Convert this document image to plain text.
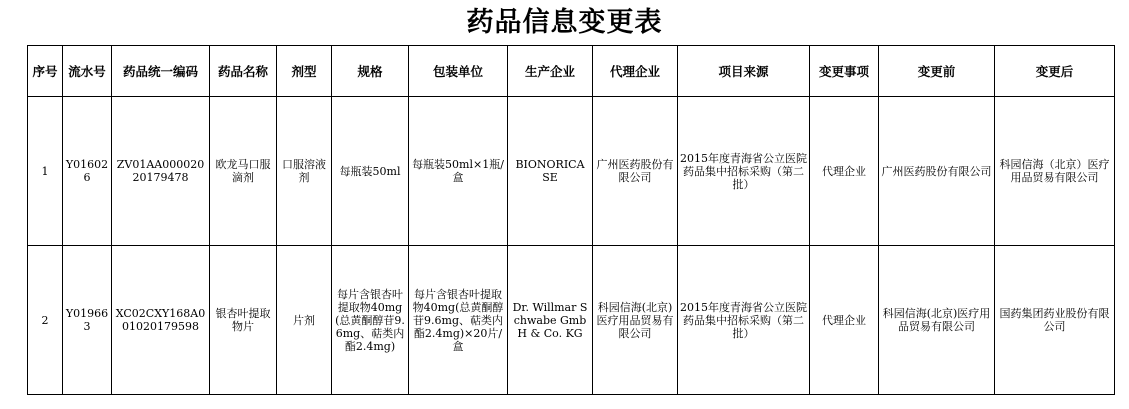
药品信息变更表
序号	流水号	药品统一编码	药品名称	剂型	规格	包装单位	生产企业	代理企业	项目来源	变更事项	变更前	变更后
1	Y016026	ZV01AA00002020179478	欧龙马口服滴剂	口服溶液剂	每瓶装50ml	每瓶装50ml×1瓶/盒	BIONORICA SE	广州医药股份有限公司	2015年度青海省公立医院药品集中招标采购（第二批）	代理企业	广州医药股份有限公司	科园信海（北京）医疗用品贸易有限公司
2	Y019663	XC02CXY168A001020179598	银杏叶提取物片	片剂	每片含银杏叶提取物40mg(总黄酮醇苷9.6mg、萜类内酯2.4mg)	每片含银杏叶提取物40mg(总黄酮醇苷9.6mg、萜类内酯2.4mg)×20片/盒	Dr. Willmar Schwabe GmbH & Co. KG	科园信海(北京)医疗用品贸易有限公司	2015年度青海省公立医院药品集中招标采购（第二批）	代理企业	科园信海(北京)医疗用品贸易有限公司	国药集团药业股份有限公司
